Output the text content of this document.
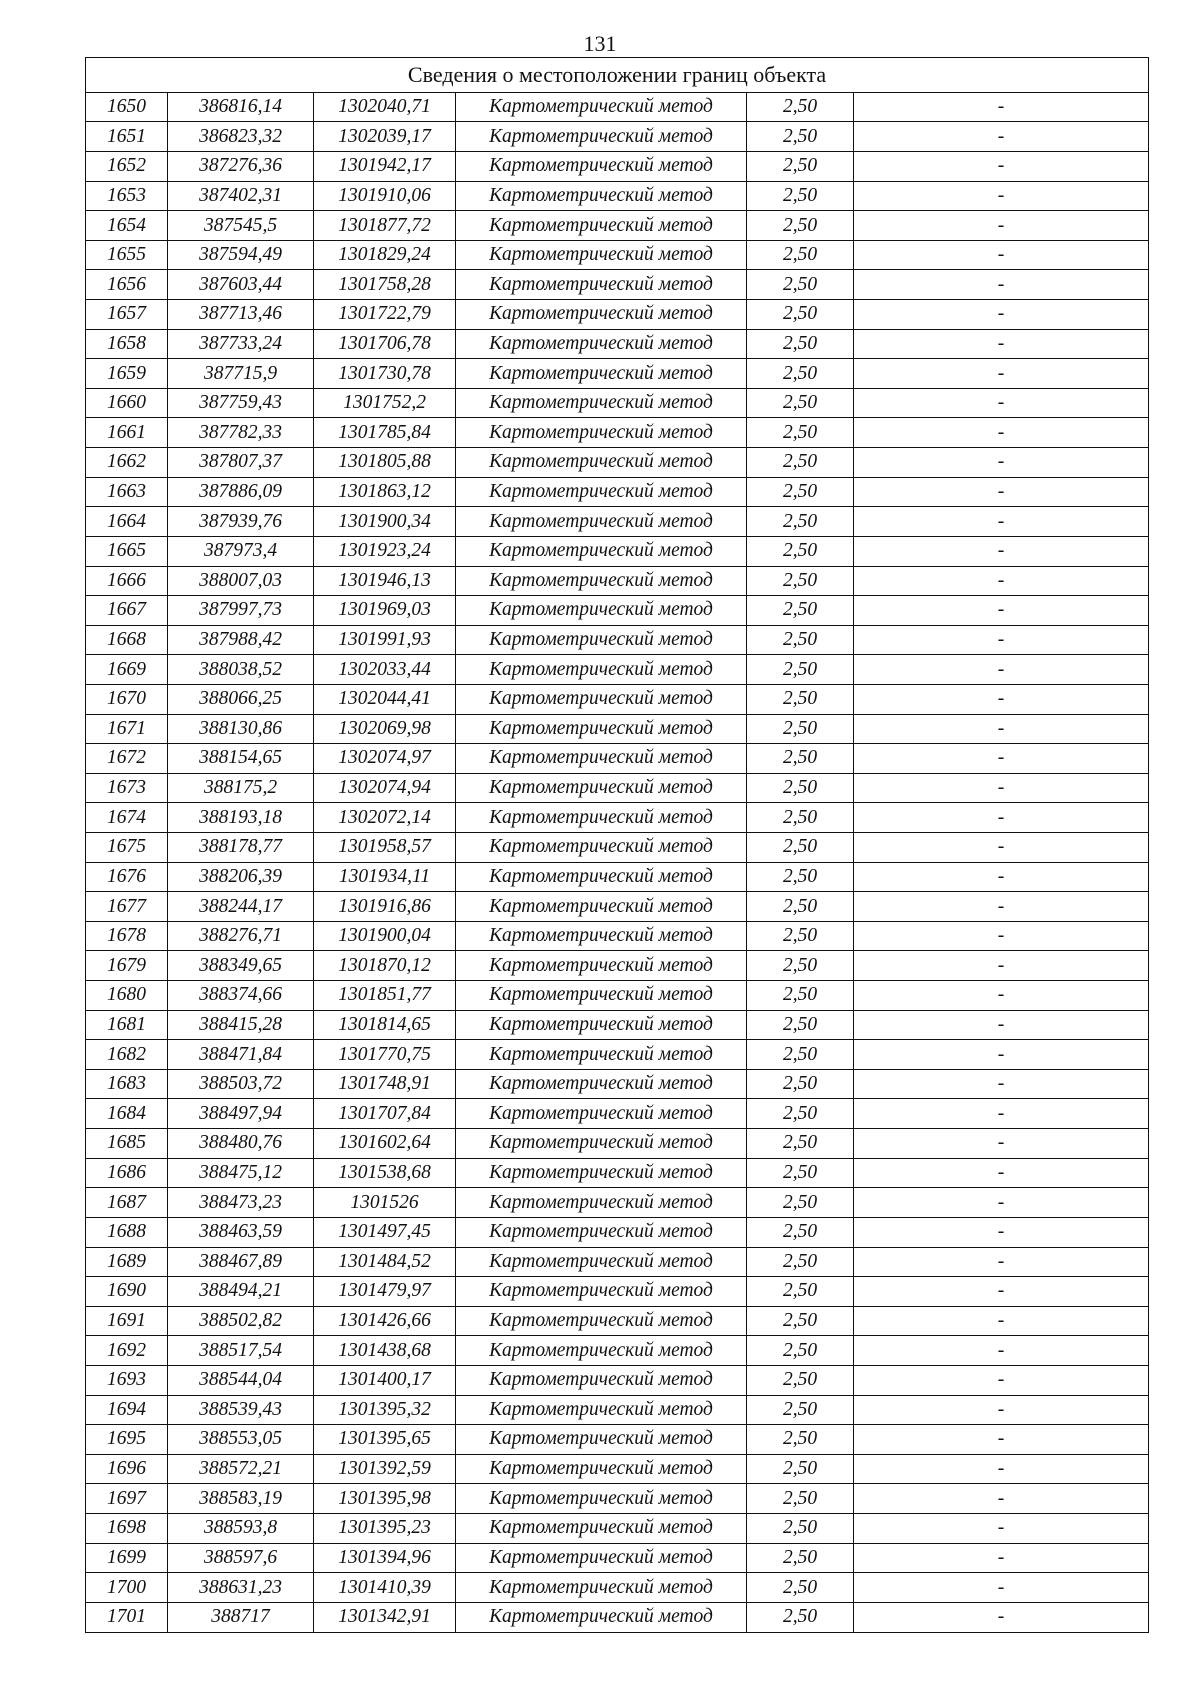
131
Сведения о местоположении границ объекта					
1650	386816,14	1302040,71	Картометрический метод	2,50	-
1651	386823,32	1302039,17	Картометрический метод	2,50	-
1652	387276,36	1301942,17	Картометрический метод	2,50	-
1653	387402,31	1301910,06	Картометрический метод	2,50	-
1654	387545,5	1301877,72	Картометрический метод	2,50	-
1655	387594,49	1301829,24	Картометрический метод	2,50	-
1656	387603,44	1301758,28	Картометрический метод	2,50	-
1657	387713,46	1301722,79	Картометрический метод	2,50	-
1658	387733,24	1301706,78	Картометрический метод	2,50	-
1659	387715,9	1301730,78	Картометрический метод	2,50	-
1660	387759,43	1301752,2	Картометрический метод	2,50	-
1661	387782,33	1301785,84	Картометрический метод	2,50	-
1662	387807,37	1301805,88	Картометрический метод	2,50	-
1663	387886,09	1301863,12	Картометрический метод	2,50	-
1664	387939,76	1301900,34	Картометрический метод	2,50	-
1665	387973,4	1301923,24	Картометрический метод	2,50	-
1666	388007,03	1301946,13	Картометрический метод	2,50	-
1667	387997,73	1301969,03	Картометрический метод	2,50	-
1668	387988,42	1301991,93	Картометрический метод	2,50	-
1669	388038,52	1302033,44	Картометрический метод	2,50	-
1670	388066,25	1302044,41	Картометрический метод	2,50	-
1671	388130,86	1302069,98	Картометрический метод	2,50	-
1672	388154,65	1302074,97	Картометрический метод	2,50	-
1673	388175,2	1302074,94	Картометрический метод	2,50	-
1674	388193,18	1302072,14	Картометрический метод	2,50	-
1675	388178,77	1301958,57	Картометрический метод	2,50	-
1676	388206,39	1301934,11	Картометрический метод	2,50	-
1677	388244,17	1301916,86	Картометрический метод	2,50	-
1678	388276,71	1301900,04	Картометрический метод	2,50	-
1679	388349,65	1301870,12	Картометрический метод	2,50	-
1680	388374,66	1301851,77	Картометрический метод	2,50	-
1681	388415,28	1301814,65	Картометрический метод	2,50	-
1682	388471,84	1301770,75	Картометрический метод	2,50	-
1683	388503,72	1301748,91	Картометрический метод	2,50	-
1684	388497,94	1301707,84	Картометрический метод	2,50	-
1685	388480,76	1301602,64	Картометрический метод	2,50	-
1686	388475,12	1301538,68	Картометрический метод	2,50	-
1687	388473,23	1301526	Картометрический метод	2,50	-
1688	388463,59	1301497,45	Картометрический метод	2,50	-
1689	388467,89	1301484,52	Картометрический метод	2,50	-
1690	388494,21	1301479,97	Картометрический метод	2,50	-
1691	388502,82	1301426,66	Картометрический метод	2,50	-
1692	388517,54	1301438,68	Картометрический метод	2,50	-
1693	388544,04	1301400,17	Картометрический метод	2,50	-
1694	388539,43	1301395,32	Картометрический метод	2,50	-
1695	388553,05	1301395,65	Картометрический метод	2,50	-
1696	388572,21	1301392,59	Картометрический метод	2,50	-
1697	388583,19	1301395,98	Картометрический метод	2,50	-
1698	388593,8	1301395,23	Картометрический метод	2,50	-
1699	388597,6	1301394,96	Картометрический метод	2,50	-
1700	388631,23	1301410,39	Картометрический метод	2,50	-
1701	388717	1301342,91	Картометрический метод	2,50	-
